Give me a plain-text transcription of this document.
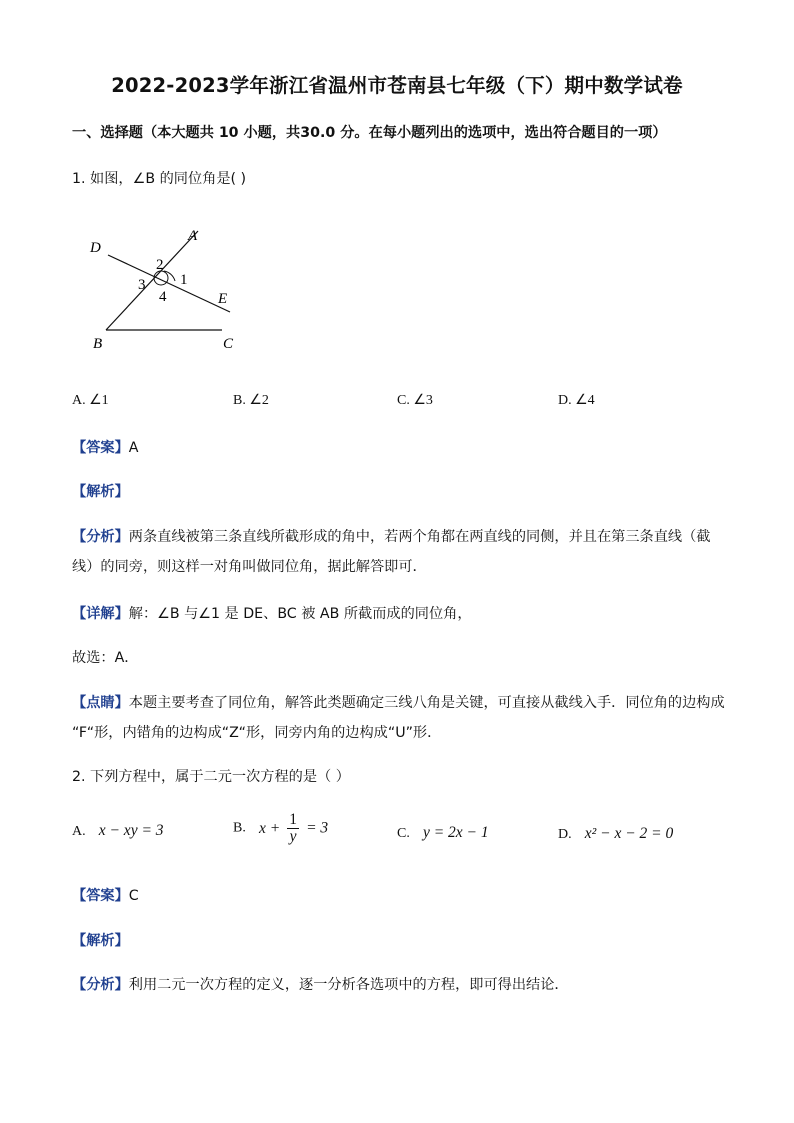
2022-2023学年浙江省温州市苍南县七年级（下）期中数学试卷
一、选择题（本大题共 10 小题，共30.0 分。在每小题列出的选项中，选出符合题目的一项）
1. 如图，∠B 的同位角是( )
D
A
E
B	C
2
1
3
4
A. ∠1	B. ∠2	C. ∠3	D. ∠4
【答案】A
【解析】
【分析】两条直线被第三条直线所截形成的角中，若两个角都在两直线的同侧，并且在第三条直线（截
线）的同旁，则这样一对角叫做同位角，据此解答即可．
【详解】解：∠B 与∠1 是 DE、BC 被 AB 所截而成的同位角，
故选：A．
【点睛】本题主要考查了同位角，解答此类题确定三线八角是关键，可直接从截线入手．同位角的边构成
“F“形，内错角的边构成“Z“形，同旁内角的边构成“U”形．
2. 下列方程中，属于二元一次方程的是（ ）
A. x − xy = 3	B. $x + \frac{1}{y} = 3$	C. y = 2x − 1	D. x² − x − 2 = 0
【答案】C
【解析】
【分析】利用二元一次方程的定义，逐一分析各选项中的方程，即可得出结论．
